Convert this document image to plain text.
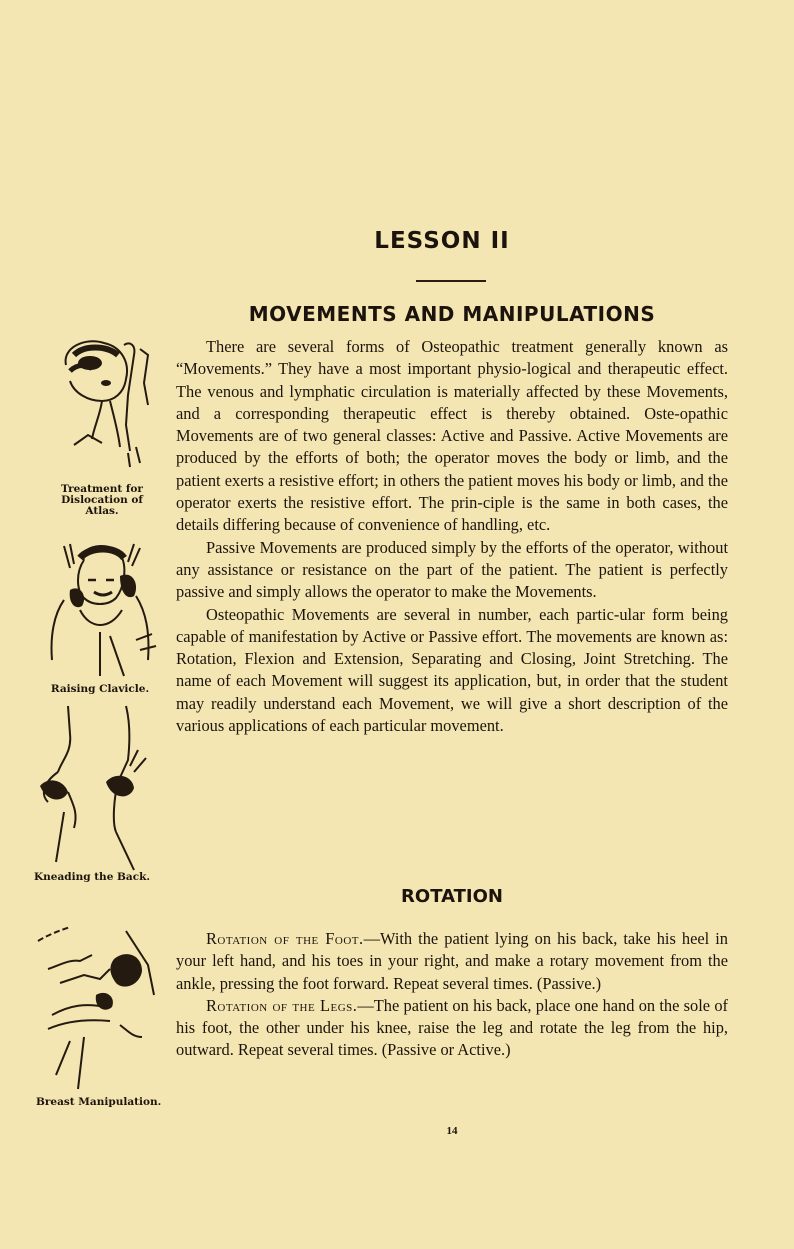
LESSON II
MOVEMENTS AND MANIPULATIONS

There are several forms of Osteopathic treatment generally known as “Movements.” They have a most important physio-logical and therapeutic effect. The venous and lymphatic circulation is materially affected by these Movements, and a corresponding therapeutic effect is thereby obtained. Oste-opathic Movements are of two general classes: Active and Passive. Active Movements are produced by the efforts of both; the operator moves the body or limb, and the patient exerts a resistive effort; in others the patient moves his body or limb, and the operator exerts the resistive effort. The prin-ciple is the same in both cases, the details differing because of convenience of handling, etc.

Passive Movements are produced simply by the efforts of the operator, without any assistance or resistance on the part of the patient. The patient is perfectly passive and simply allows the operator to make the Movements.

Osteopathic Movements are several in number, each partic-ular form being capable of manifestation by Active or Passive effort. The movements are known as: Rotation, Flexion and Extension, Separating and Closing, Joint Stretching. The name of each Movement will suggest its application, but, in order that the student may readily understand each Movement, we will give a short description of the various applications of each particular movement.

ROTATION

Rotation of the Foot.—With the patient lying on his back, take his heel in your left hand, and his toes in your right, and make a rotary movement from the ankle, pressing the foot forward. Repeat several times. (Passive.)

Rotation of the Legs.—The patient on his back, place one hand on the sole of his foot, the other under his knee, raise the leg and rotate the leg from the hip, outward. Repeat several times. (Passive or Active.)

Treatment for Dislocation of Atlas.
Raising Clavicle.
Kneading the Back.
Breast Manipulation.
14
